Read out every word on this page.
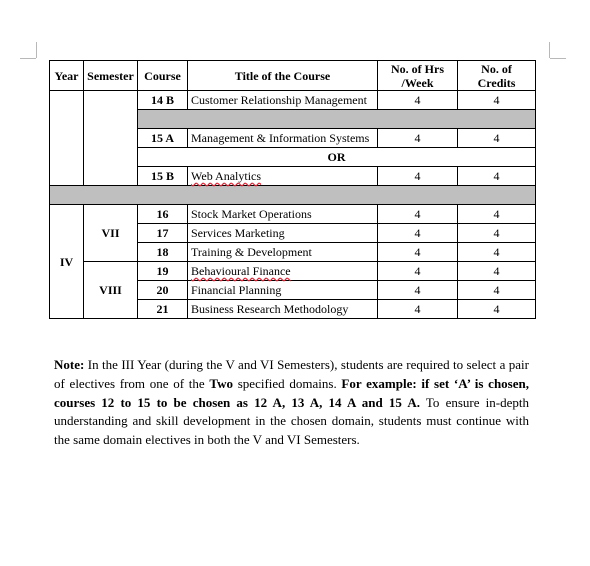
Year	Semester	Course	Title of the Course	No. of Hrs /Week	No. of Credits
		14 B	Customer Relationship Management	4	4

		15 A	Management & Information Systems	4	4
		OR			
		15 B	Web Analytics	4	4

IV	VII	16	Stock Market Operations	4	4
		17	Services Marketing	4	4
		18	Training & Development	4	4
	VIII	19	Behavioural Finance	4	4
		20	Financial Planning	4	4
		21	Business Research Methodology	4	4

Note: In the III Year (during the V and VI Semesters), students are required to select a pair of electives from one of the Two specified domains. For example: if set ‘A’ is chosen, courses 12 to 15 to be chosen as 12 A, 13 A, 14 A and 15 A. To ensure in-depth understanding and skill development in the chosen domain, students must continue with the same domain electives in both the V and VI Semesters.
